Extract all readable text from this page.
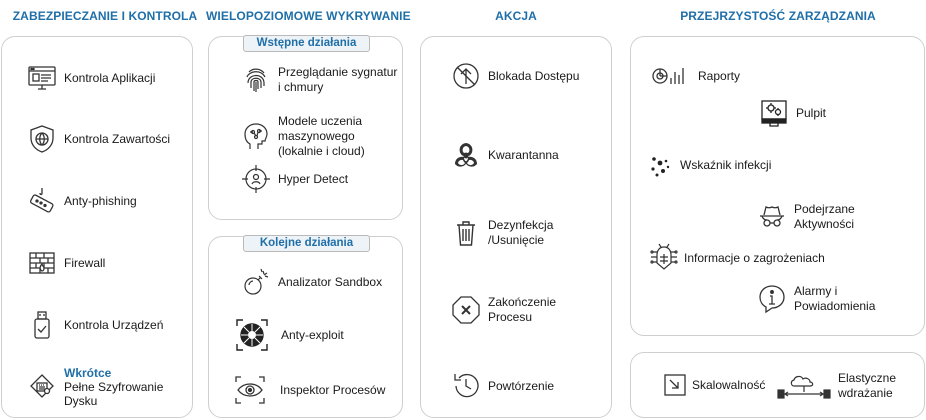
ZABEZPIECZANIE I KONTROLA WIELOPOZIOMOWE WYKRYWANIE	AKCJA	PRZEJRZYSTOŚĆ ZARZĄDZANIA
Kontrola Aplikacji
Kontrola Zawartości
Anty-phishing
Firewall
Kontrola Urządzeń
Wkrótce
Pełne Szyfrowanie
Dysku
Wstępne działania
Przeglądanie sygnatur i chmury
Modele uczenia maszynowego (lokalnie i cloud)
Hyper Detect
Kolejne działania
Analizator Sandbox
Anty-exploit
Inspektor Procesów
Blokada Dostępu
Kwarantanna
Dezynfekcja /Usunięcie
Zakończenie Procesu
Powtórzenie
Raporty
Pulpit
Wskaźnik infekcji
Podejrzane Aktywności
Informacje o zagrożeniach
Alarmy i Powiadomienia
Skalowalność	Elastyczne wdrażanie
